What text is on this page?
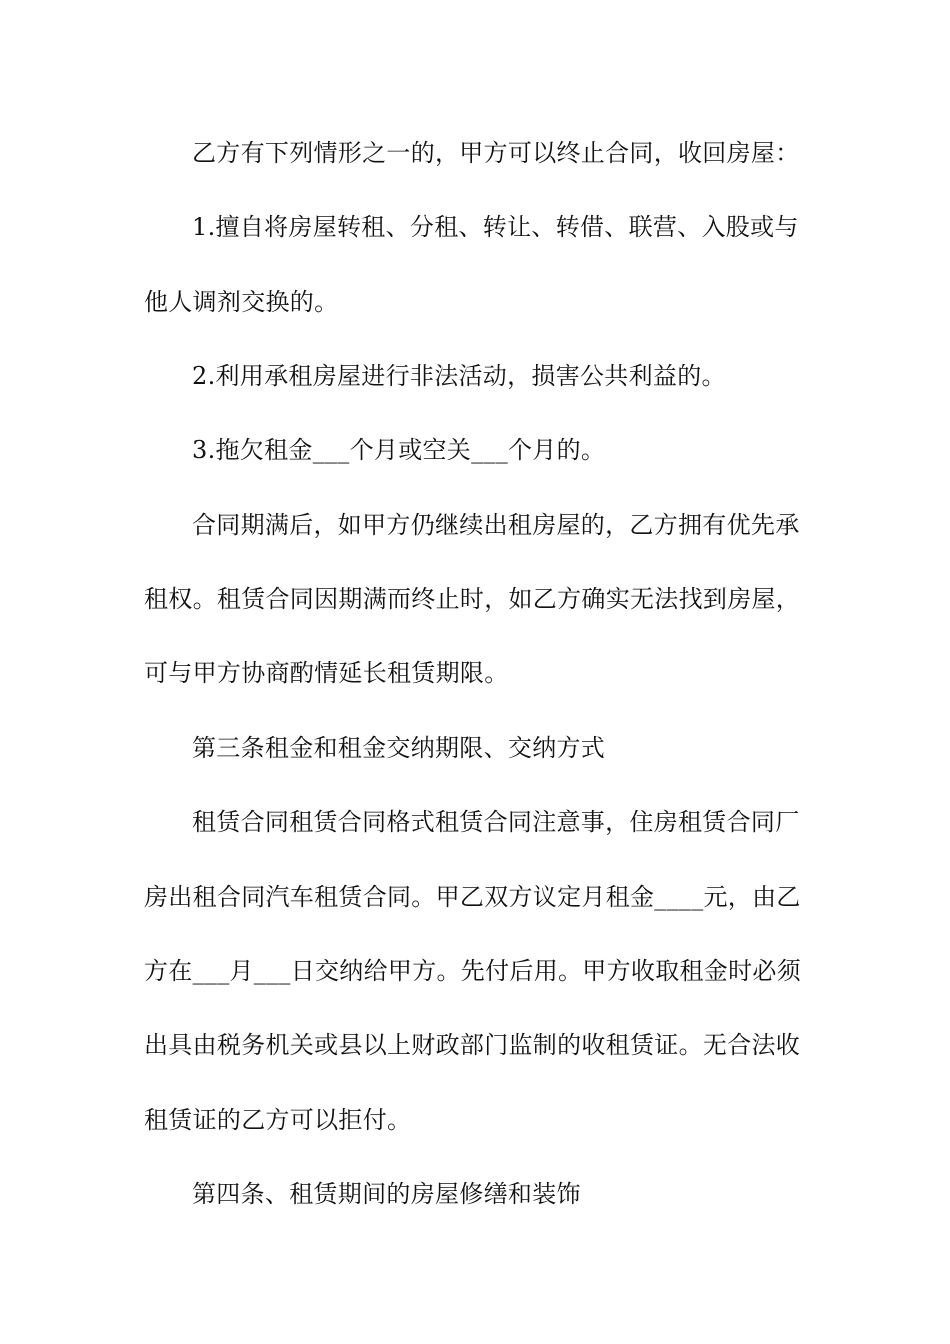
乙方有下列情形之一的，甲方可以终止合同，收回房屋：
1.擅自将房屋转租、分租、转让、转借、联营、入股或与
他人调剂交换的。
2.利用承租房屋进行非法活动，损害公共利益的。
3.拖欠租金___个月或空关___个月的。
合同期满后，如甲方仍继续出租房屋的，乙方拥有优先承
租权。租赁合同因期满而终止时，如乙方确实无法找到房屋，
可与甲方协商酌情延长租赁期限。
第三条租金和租金交纳期限、交纳方式
租赁合同租赁合同格式租赁合同注意事，住房租赁合同厂
房出租合同汽车租赁合同。甲乙双方议定月租金____元，由乙
方在___月___日交纳给甲方。先付后用。甲方收取租金时必须
出具由税务机关或县以上财政部门监制的收租赁证。无合法收
租赁证的乙方可以拒付。
第四条、租赁期间的房屋修缮和装饰
